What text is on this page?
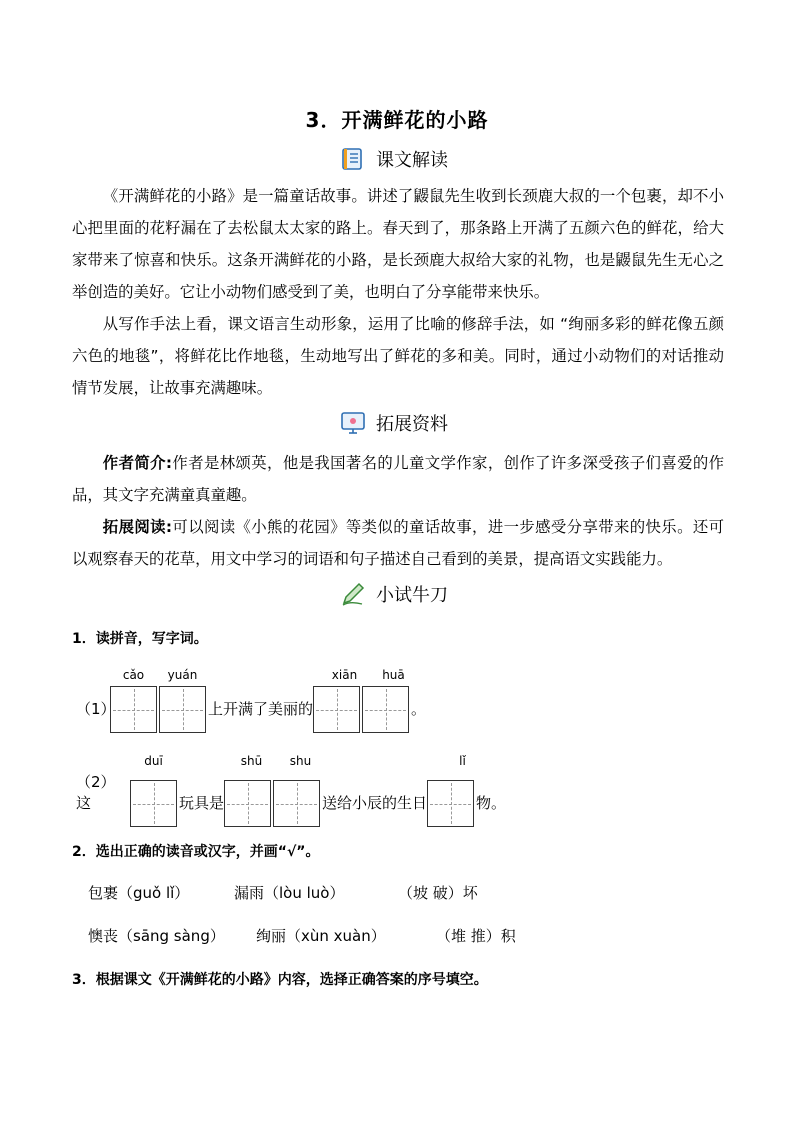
3．开满鲜花的小路
课文解读

《开满鲜花的小路》是一篇童话故事。讲述了鼹鼠先生收到长颈鹿大叔的一个包裹，却不小心把里面的花籽漏在了去松鼠太太家的路上。春天到了，那条路上开满了五颜六色的鲜花，给大家带来了惊喜和快乐。这条开满鲜花的小路，是长颈鹿大叔给大家的礼物，也是鼹鼠先生无心之举创造的美好。它让小动物们感受到了美，也明白了分享能带来快乐。

从写作手法上看，课文语言生动形象，运用了比喻的修辞手法，如 “绚丽多彩的鲜花像五颜六色的地毯”，将鲜花比作地毯，生动地写出了鲜花的多和美。同时，通过小动物们的对话推动情节发展，让故事充满趣味。

拓展资料

作者简介:作者是林颂英，他是我国著名的儿童文学作家，创作了许多深受孩子们喜爱的作品，其文字充满童真童趣。

拓展阅读:可以阅读《小熊的花园》等类似的童话故事，进一步感受分享带来的快乐。还可以观察春天的花草，用文中学习的词语和句子描述自己看到的美景，提高语文实践能力。

小试牛刀
1．读拼音，写字词。
cǎo	yuán	xiān	huā
（1）	上开满了美丽的	。
duī	shū	shu	lǐ
（2）这	玩具是	送给小辰的生日	物。
2．选出正确的读音或汉字，并画“√”。
包裹（guǒ lǐ）	漏雨（lòu luò）	（坡 破）坏
懊丧（sāng sàng） 绚丽（xùn xuàn）	（堆 推）积
3．根据课文《开满鲜花的小路》内容，选择正确答案的序号填空。
